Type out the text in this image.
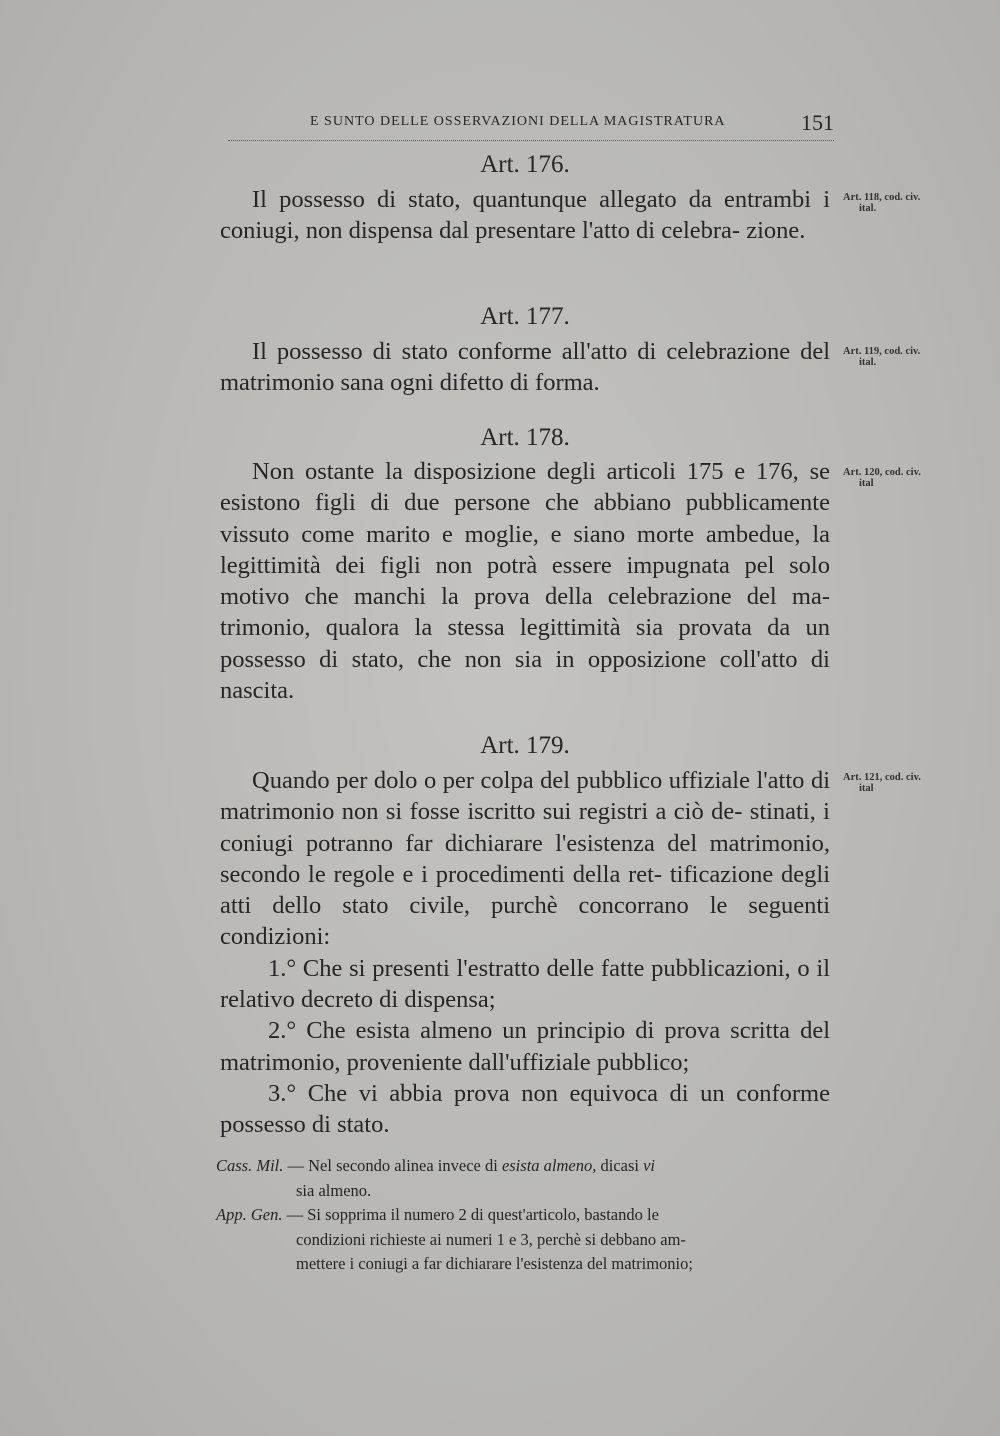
E SUNTO DELLE OSSERVAZIONI DELLA MAGISTRATURA	151
Art. 176.

Il possesso di stato, quantunque allegato da entrambi i coniugi, non dispensa dal presentare l'atto di celebra- zione.

Art. 118, cod. civ.
ital.
Art. 177.

Il possesso di stato conforme all'atto di celebrazione del matrimonio sana ogni difetto di forma.

Art. 119, cod. civ.
ital.
Art. 178.

Non ostante la disposizione degli articoli 175 e 176, se esistono figli di due persone che abbiano pubblicamente vissuto come marito e moglie, e siano morte ambedue, la legittimità dei figli non potrà essere impugnata pel solo motivo che manchi la prova della celebrazione del ma- trimonio, qualora la stessa legittimità sia provata da un possesso di stato, che non sia in opposizione coll'atto di nascita.

Art. 120, cod. civ.
ital
Art. 179.

Quando per dolo o per colpa del pubblico uffiziale l'atto di matrimonio non si fosse iscritto sui registri a ciò de- stinati, i coniugi potranno far dichiarare l'esistenza del matrimonio, secondo le regole e i procedimenti della ret- tificazione degli atti dello stato civile, purchè concorrano le seguenti condizioni:

1.° Che si presenti l'estratto delle fatte pubblicazioni, o il relativo decreto di dispensa;

2.° Che esista almeno un principio di prova scritta del matrimonio, proveniente dall'uffiziale pubblico;

3.° Che vi abbia prova non equivoca di un conforme possesso di stato.

Art. 121, cod. civ.
ital

Cass. Mil. — Nel secondo alinea invece di esista almeno, dicasi vi

sia almeno.

App. Gen. — Si sopprima il numero 2 di quest'articolo, bastando le

condizioni richieste ai numeri 1 e 3, perchè si debbano am-

mettere i coniugi a far dichiarare l'esistenza del matrimonio;
